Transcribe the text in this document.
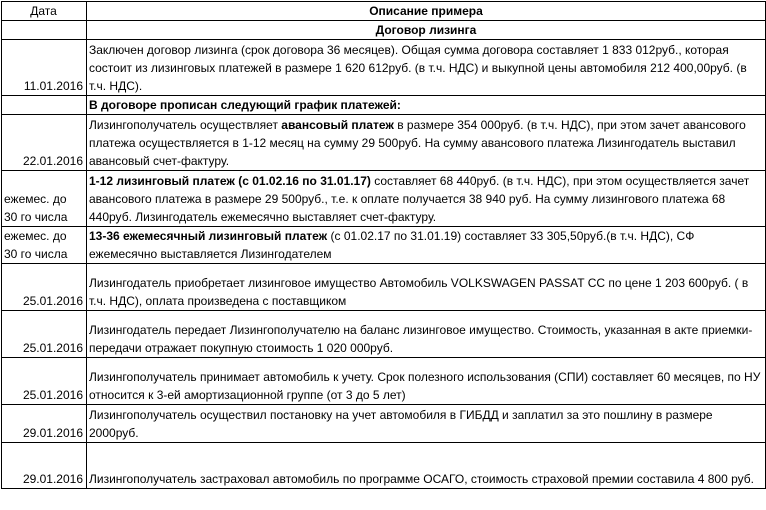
Дата	Описание примера
	Договор лизинга
11.01.2016	Заключен договор лизинга (срок договора 36 месяцев). Общая сумма договора составляет 1 833 012руб., которая состоит из лизинговых платежей в размере 1 620 612руб. (в т.ч. НДС) и выкупной цены автомобиля 212 400,00руб. (в т.ч. НДС).
	В договоре прописан следующий график платежей:
22.01.2016	Лизингополучатель осуществляет авансовый платеж в размере 354 000руб. (в т.ч. НДС), при этом зачет авансового платежа осуществляется в 1-12 месяц на сумму 29 500руб. На сумму авансового платежа Лизингодатель выставил авансовый счет-фактуру.
ежемес. до 30 го числа	1-12 лизинговый платеж (с 01.02.16 по 31.01.17) составляет 68 440руб. (в т.ч. НДС), при этом осуществляется зачет авансового платежа в размере 29 500руб., т.е. к оплате получается 38 940 руб. На сумму лизингового платежа 68 440руб. Лизингодатель ежемесячно выставляет счет-фактуру.
ежемес. до 30 го числа	13-36 ежемесячный лизинговый платеж (с 01.02.17 по 31.01.19) составляет 33 305,50руб.(в т.ч. НДС), СФ ежемесячно выставляется Лизингодателем
25.01.2016	Лизингодатель приобретает лизинговое имущество Автомобиль VOLKSWAGEN PASSAT CC по цене 1 203 600руб. ( в т.ч. НДС), оплата произведена с поставщиком
25.01.2016	Лизингодатель передает Лизингополучателю на баланс лизинговое имущество. Стоимость, указанная в акте приемки-передачи отражает покупную стоимость 1 020 000руб.
25.01.2016	Лизингополучатель принимает автомобиль к учету. Срок полезного использования (СПИ) составляет 60 месяцев, по НУ относится к 3-ей амортизационной группе (от 3 до 5 лет)
29.01.2016	Лизингополучатель осуществил постановку на учет автомобиля в ГИБДД и заплатил за это пошлину в размере 2000руб.
29.01.2016	Лизингополучатель застраховал автомобиль по программе ОСАГО, стоимость страховой премии составила 4 800 руб.
